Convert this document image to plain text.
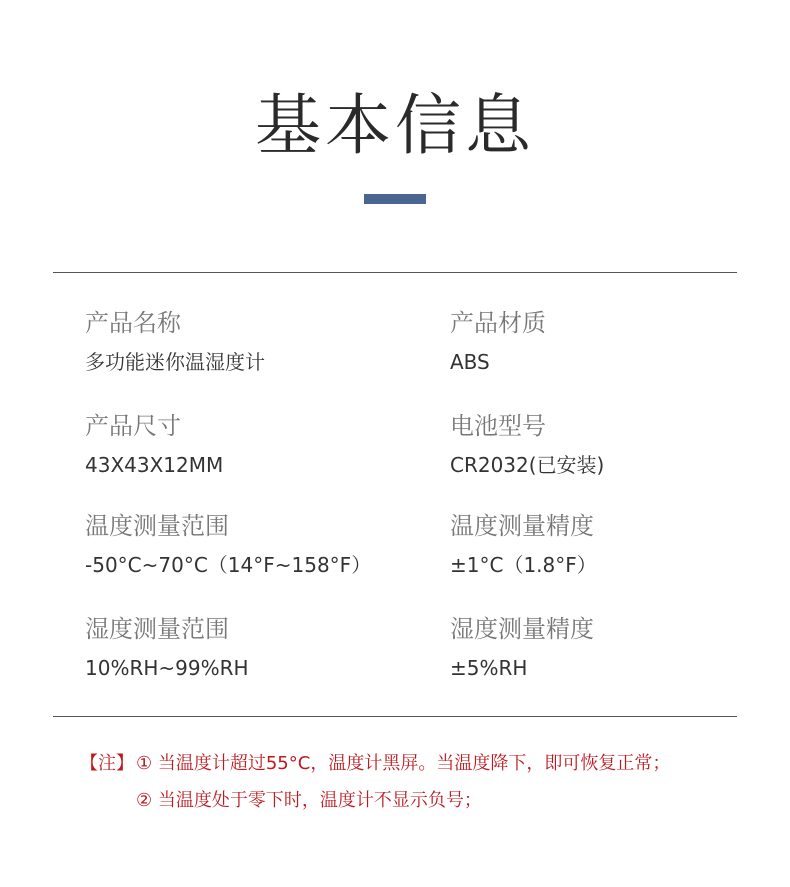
基本信息
产品名称
多功能迷你温湿度计
产品材质
ABS
产品尺寸
43X43X12MM
电池型号
CR2032(已安装)
温度测量范围
-50°C~70°C（14°F~158°F）
温度测量精度
±1°C（1.8°F）
湿度测量范围
10%RH~99%RH
湿度测量精度
±5%RH
【注】 ① 当温度计超过55°C，温度计黑屏。当温度降下，即可恢复正常；
② 当温度处于零下时，温度计不显示负号；
